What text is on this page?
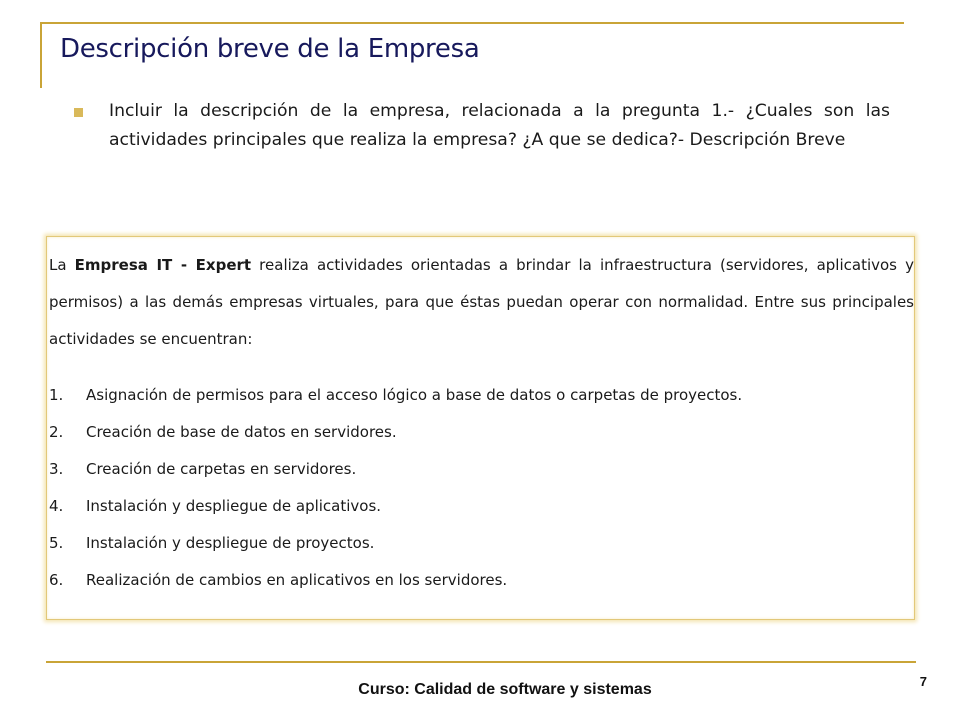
Descripción breve de la Empresa
Incluir la descripción de la empresa, relacionada a la pregunta 1.- ¿Cuales son las actividades principales que realiza la empresa? ¿A que se dedica?- Descripción Breve

La Empresa IT - Expert realiza actividades orientadas a brindar la infraestructura (servidores, aplicativos y permisos) a las demás empresas virtuales, para que éstas puedan operar con normalidad. Entre sus principales actividades se encuentran:

1.	Asignación de permisos para el acceso lógico a base de datos o carpetas de proyectos.
2.	Creación de base de datos en servidores.
3.	Creación de carpetas en servidores.
4.	Instalación y despliegue de aplicativos.
5.	Instalación y despliegue de proyectos.
6.	Realización de cambios en aplicativos en los servidores.
Curso: Calidad de software y sistemas	7
